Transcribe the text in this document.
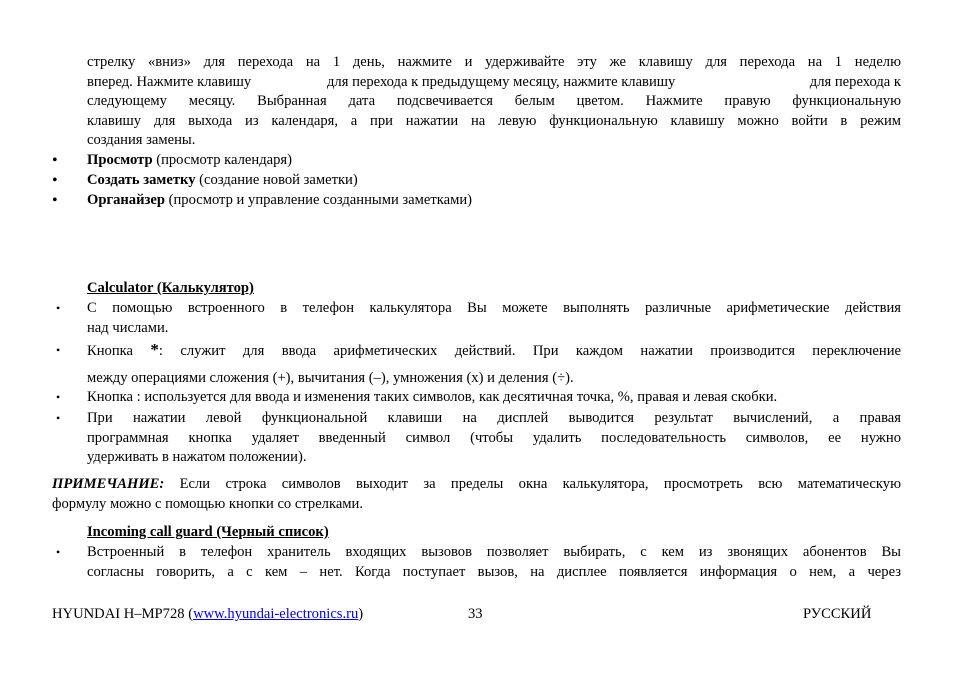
стрелку «вниз» для перехода на 1 день, нажмите и удерживайте эту же клавишу для перехода на 1 неделю
вперед. Нажмите клавишу	для перехода к предыдущему месяцу, нажмите клавишу	для перехода к
следующему месяцу. Выбранная дата подсвечивается белым цветом. Нажмите правую функциональную
клавишу для выхода из календаря, а при нажатии на левую функциональную клавишу можно войти в режим
создания замены.
• Просмотр (просмотр календаря)
• Создать заметку (создание новой заметки)
• Органайзер (просмотр и управление созданными заметками)
Calculator (Калькулятор)
• С помощью встроенного в телефон калькулятора Вы можете выполнять различные арифметические действия
над числами.
• Кнопка *: служит для ввода арифметических действий. При каждом нажатии производится переключение
между операциями сложения (+), вычитания (–), умножения (x) и деления (÷).
• Кнопка : используется для ввода и изменения таких символов, как десятичная точка, %, правая и левая скобки.
• При нажатии левой функциональной клавиши на дисплей выводится результат вычислений, а правая
программная кнопка удаляет введенный символ (чтобы удалить последовательность символов, ее нужно
удерживать в нажатом положении).
ПРИМЕЧАНИЕ: Если строка символов выходит за пределы окна калькулятора, просмотреть всю математическую
формулу можно с помощью кнопки со стрелками.
Incoming call guard (Черный список)
• Встроенный в телефон хранитель входящих вызовов позволяет выбирать, с кем из звонящих абонентов Вы
согласны говорить, а с кем – нет. Когда поступает вызов, на дисплее появляется информация о нем, а через
HYUNDAI H–MP728 (www.hyundai-electronics.ru)	33	РУССКИЙ
